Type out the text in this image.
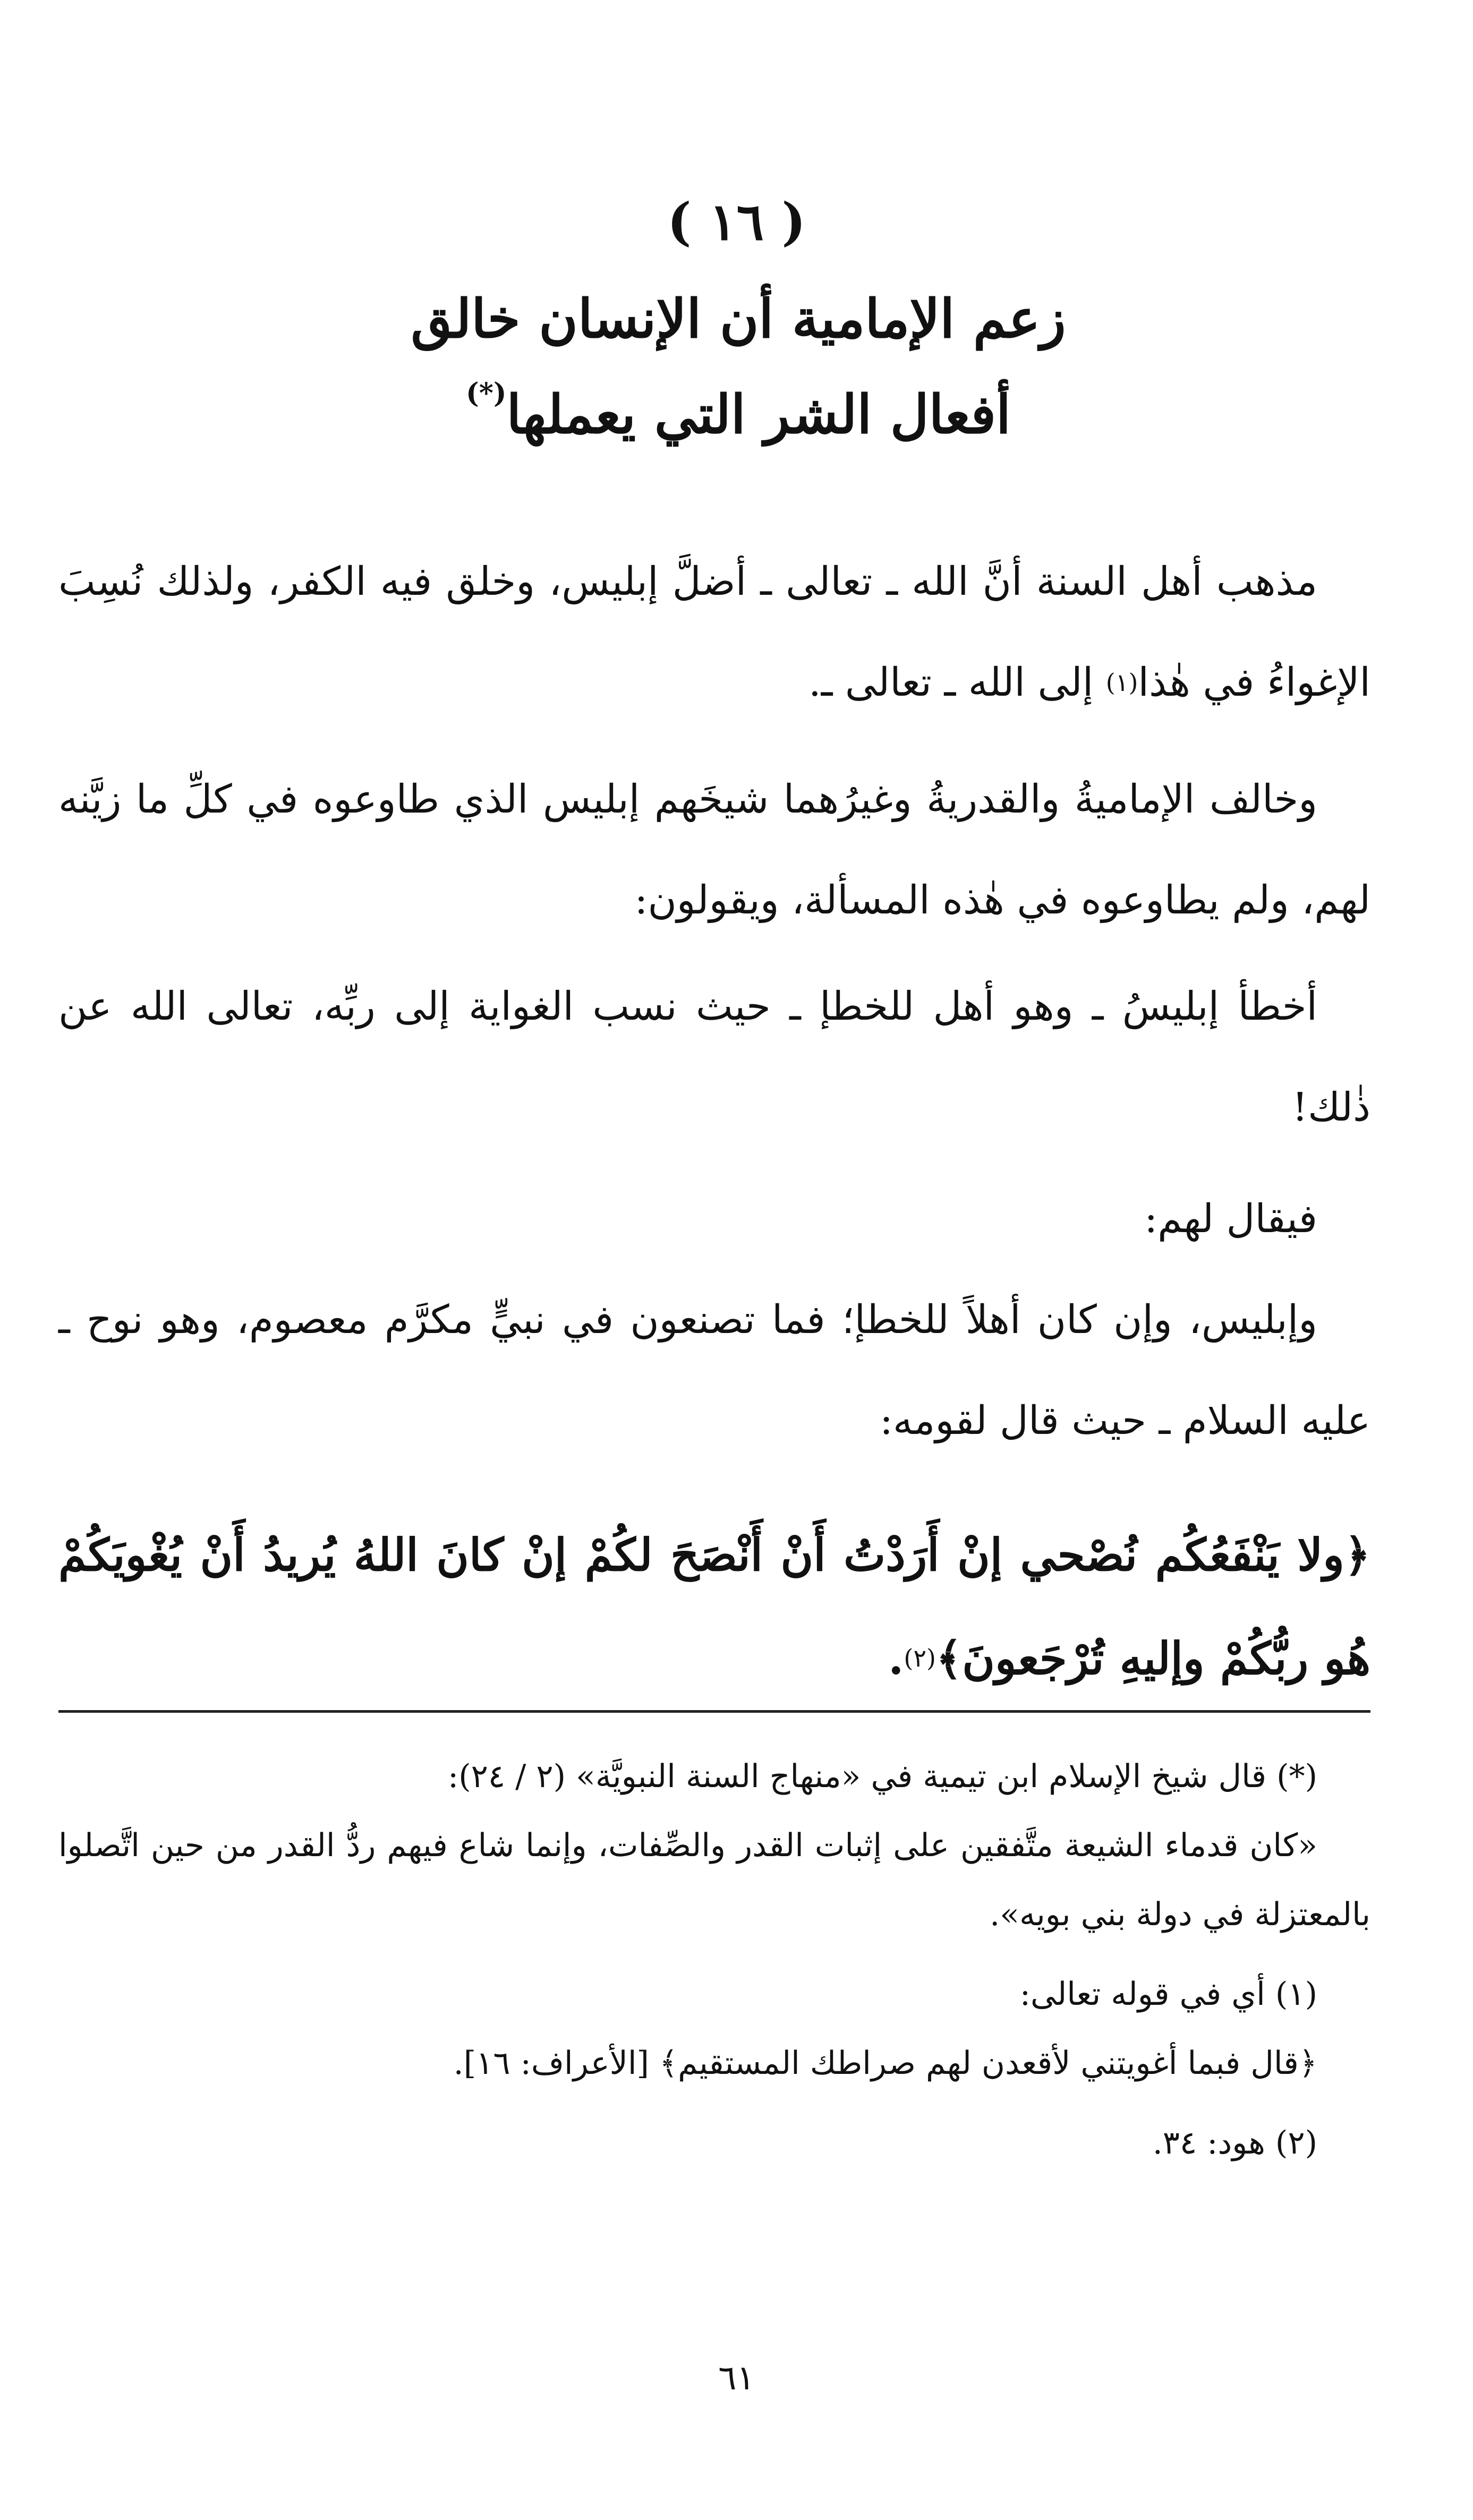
( ١٦ )
زعم الإمامية أن الإنسان خالق
أفعال الشر التي يعملها(*)

مذهب أهل السنة أنَّ الله ـ تعالى ـ أضلَّ إبليس، وخلق فيه الكفر، ولذلك نُسِبَ الإغواءُ في هٰذا$^{(١)}$ إلى الله ـ تعالى ـ.

وخالف الإماميةُ والقدريةُ وغيرُهما شيخَهم إبليس الذي طاوعوه في كلِّ ما زيَّنه لهم، ولم يطاوعوه في هٰذه المسألة، ويقولون:

أخطأ إبليسُ ـ وهو أهل للخطإ ـ حيث نسب الغواية إلى ربِّه، تعالى الله عن ذٰلك!

فيقال لهم:

وإبليس، وإن كان أهلاً للخطإ؛ فما تصنعون في نبيٍّ مكرَّم معصوم، وهو نوح ـ عليه السلام ـ حيث قال لقومه:

﴿ولا يَنْفَعُكُم نُصْحي إنْ أَرَدْتُ أَنْ أَنْصَحَ لكُمْ إنْ كانَ اللهُ يُريدُ أَنْ يُغْويَكُمْ هُو ربُّكُمْ وإليهِ تُرْجَعونَ﴾$^{(٢)}$.

(*) قال شيخ الإسلام ابن تيمية في «منهاج السنة النبويَّة» (٢ / ٢٤):

«كان قدماء الشيعة متَّفقين على إثبات القدر والصِّفات، وإنما شاع فيهم ردُّ القدر من حين اتَّصلوا بالمعتزلة في دولة بني بويه».

(١) أي في قوله تعالى:

﴿قال فبما أغويتني لأقعدن لهم صراطك المستقيم﴾ [الأعراف: ١٦].

(٢) هود: ٣٤.

٦١
